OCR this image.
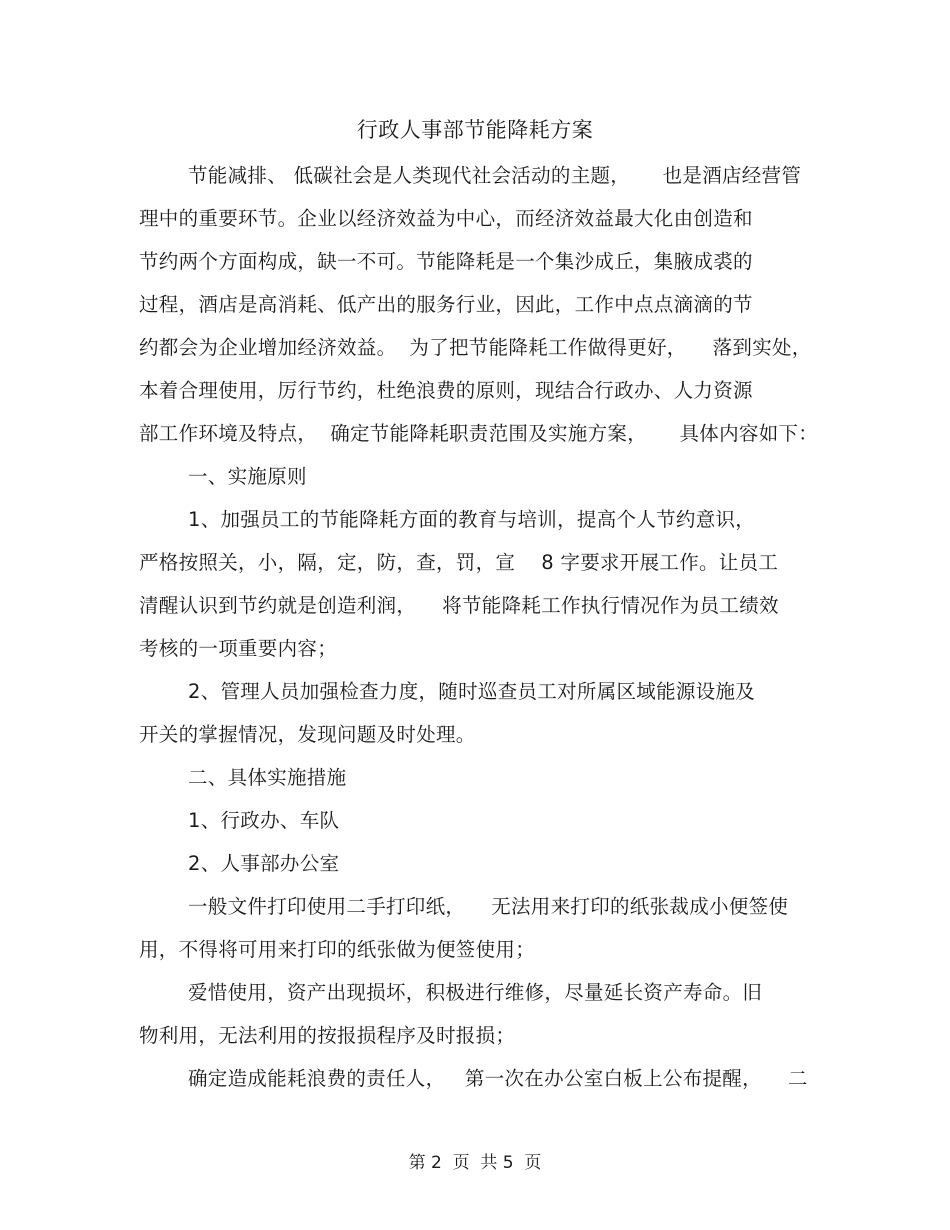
行政人事部节能降耗方案
节能减排、 低碳社会是人类现代社会活动的主题，     也是酒店经营管
理中的重要环节。企业以经济效益为中心，而经济效益最大化由创造和
节约两个方面构成，缺一不可。节能降耗是一个集沙成丘，集腋成裘的
过程，酒店是高消耗、低产出的服务行业，因此，工作中点点滴滴的节
约都会为企业增加经济效益。  为了把节能降耗工作做得更好，    落到实处，
本着合理使用，厉行节约，杜绝浪费的原则，现结合行政办、人力资源
部工作环境及特点，  确定节能降耗职责范围及实施方案，     具体内容如下：
一、实施原则
1、加强员工的节能降耗方面的教育与培训，提高个人节约意识，
严格按照关，小，隔，定，防，查，罚，宣    8 字要求开展工作。让员工
清醒认识到节约就是创造利润，    将节能降耗工作执行情况作为员工绩效
考核的一项重要内容；
2、管理人员加强检查力度，随时巡查员工对所属区域能源设施及
开关的掌握情况，发现问题及时处理。
二、具体实施措施
1、行政办、车队
2、人事部办公室
一般文件打印使用二手打印纸，    无法用来打印的纸张裁成小便签使
用，不得将可用来打印的纸张做为便签使用；
爱惜使用，资产出现损坏，积极进行维修，尽量延长资产寿命。旧
物利用，无法利用的按报损程序及时报损；
确定造成能耗浪费的责任人，   第一次在办公室白板上公布提醒，    二
第 2  页  共 5  页
